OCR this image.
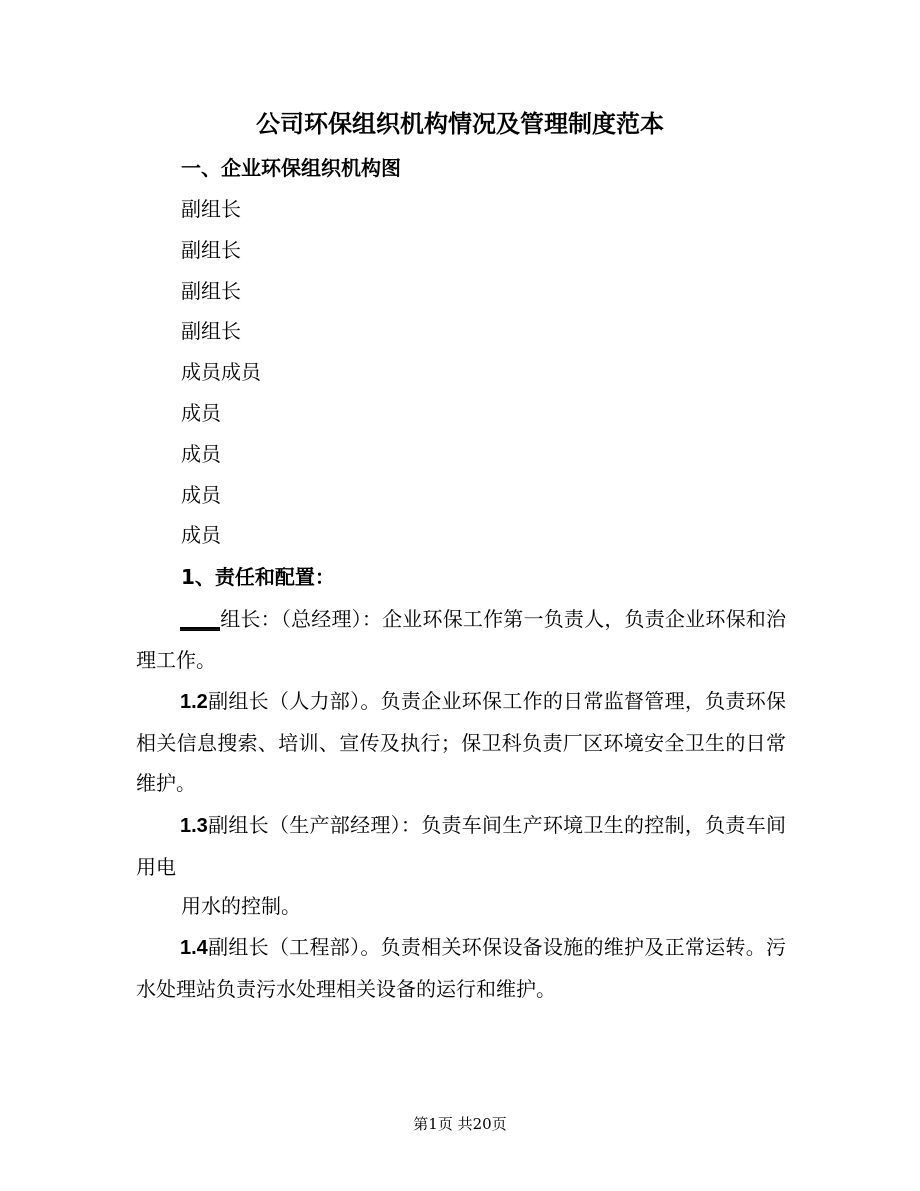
公司环保组织机构情况及管理制度范本
一、企业环保组织机构图
副组长
副组长
副组长
副组长
成员成员
成员
成员
成员
成员
1、责任和配置：
____组长：（总经理）：企业环保工作第一负责人，负责企业环保和治理工作。
1.2副组长（人力部）。负责企业环保工作的日常监督管理，负责环保相关信息搜索、培训、宣传及执行；保卫科负责厂区环境安全卫生的日常维护。
1.3副组长（生产部经理）：负责车间生产环境卫生的控制，负责车间用电
用水的控制。
1.4副组长（工程部）。负责相关环保设备设施的维护及正常运转。污水处理站负责污水处理相关设备的运行和维护。
第1页 共20页
